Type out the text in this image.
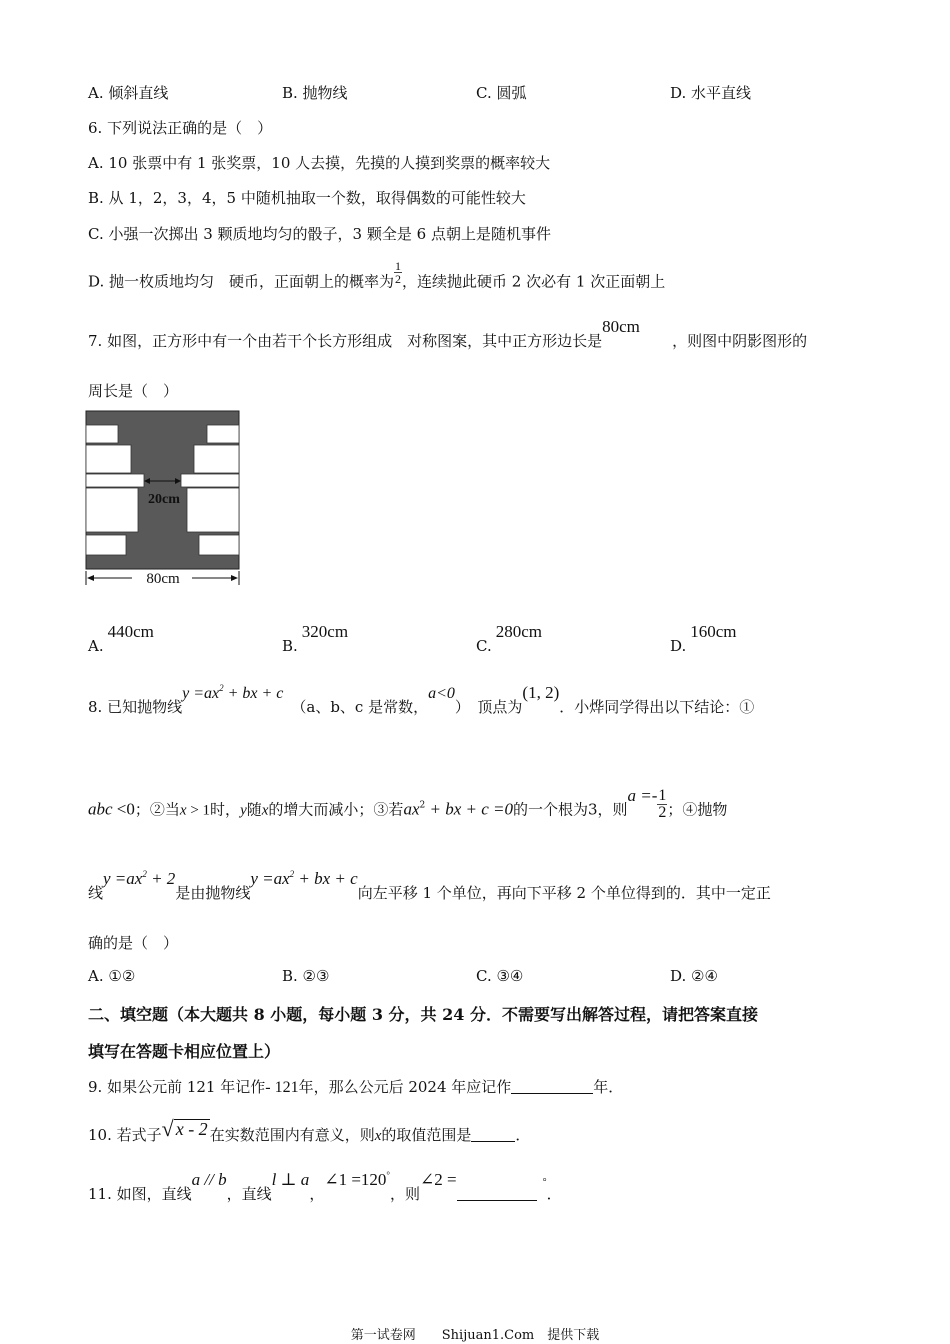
A. 倾斜直线	B. 抛物线	C. 圆弧	D. 水平直线
6. 下列说法正确的是（　）
A. 10 张票中有 1 张奖票，10 人去摸，先摸的人摸到奖票的概率较大
B. 从 1，2，3，4，5 中随机抽取一个数，取得偶数的可能性较大
C. 小强一次掷出 3 颗质地均匀的骰子，3 颗全是 6 点朝上是随机事件
D. 抛一枚质地均匀　硬币，正面朝上的概率为 $\frac{1}{2}$ ，连续抛此硬币 2 次必有 1 次正面朝上
7. 如图，正方形中有一个由若干个长方形组成　对称图案，其中正方形边长是80cm，则图中阴影图形的
周长是（　）
20cm
80cm
A.440cm
B.320cm
C.280cm
D.160cm
8. 已知抛物线$y =ax^2$ + bx + c（a、b、c 是常数，a<0）　顶点为(1, 2)．小烨同学得出以下结论：①
abc <0；②当x > 1时，y随x的增大而减小；③若$ax^2$ + bx + c =0的一个根为3，则$a =- \frac{1}{2}$ ；④抛物
线$y =ax^2 + 2$是由抛物线$y =ax^2$ + bx + c向左平移 1 个单位，再向下平移 2 个单位得到的．其中一定正
确的是（　）
A. ①②	B. ②③	C. ③④	D. ②④
二、填空题（本大题共 8 小题，每小题 3 分，共 24 分．不需要写出解答过程，请把答案直接
填写在答题卡相应位置上）
9. 如果公元前 121 年记作- 121年，那么公元后 2024 年应记作	年．
10. 若式子 √ x - 2 在实数范围内有意义，则x的取值范围是	．
11. 如图，直线a // b，直线l ⊥ a，∠1 =120°，则∠2 =	°．
第一试卷网　　Shijuan1.Com　提供下载
